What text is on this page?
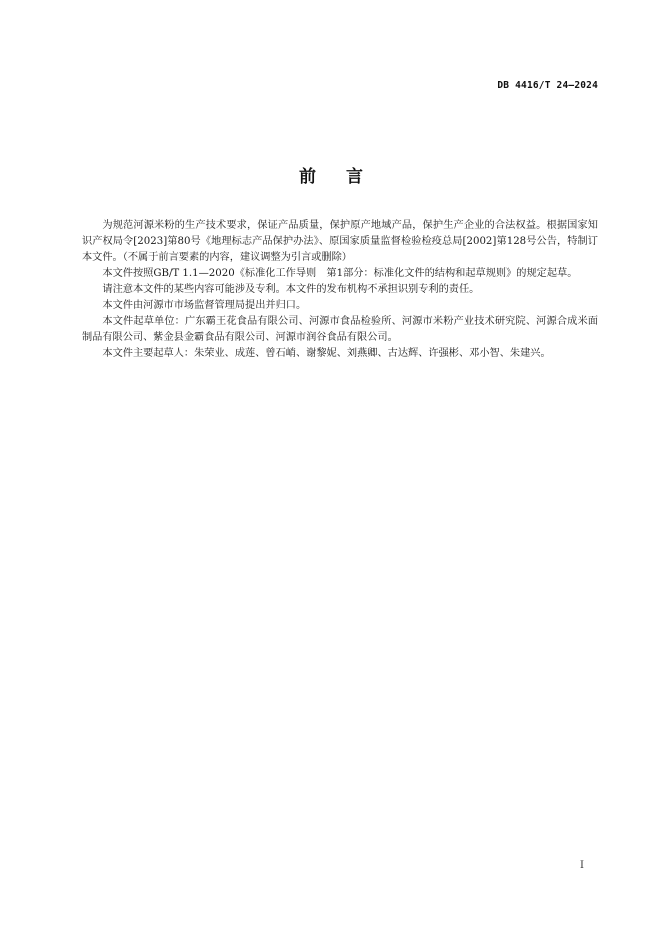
DB 4416/T 24—2024
前 言

为规范河源米粉的生产技术要求，保证产品质量，保护原产地域产品，保护生产企业的合法权益。根据国家知识产权局令[2023]第80号《地理标志产品保护办法》、原国家质量监督检验检疫总局[2002]第128号公告，特制订本文件。（不属于前言要素的内容，建议调整为引言或删除）

本文件按照GB/T 1.1—2020《标准化工作导则　第1部分：标准化文件的结构和起草规则》的规定起草。

请注意本文件的某些内容可能涉及专利。本文件的发布机构不承担识别专利的责任。

本文件由河源市市场监督管理局提出并归口。

本文件起草单位：广东霸王花食品有限公司、河源市食品检验所、河源市米粉产业技术研究院、河源合成米面制品有限公司、紫金县金霸食品有限公司、河源市润谷食品有限公司。

本文件主要起草人：朱荣业、成莲、曾石峭、谢黎妮、刘燕卿、古达辉、许强彬、邓小智、朱建兴。

I
